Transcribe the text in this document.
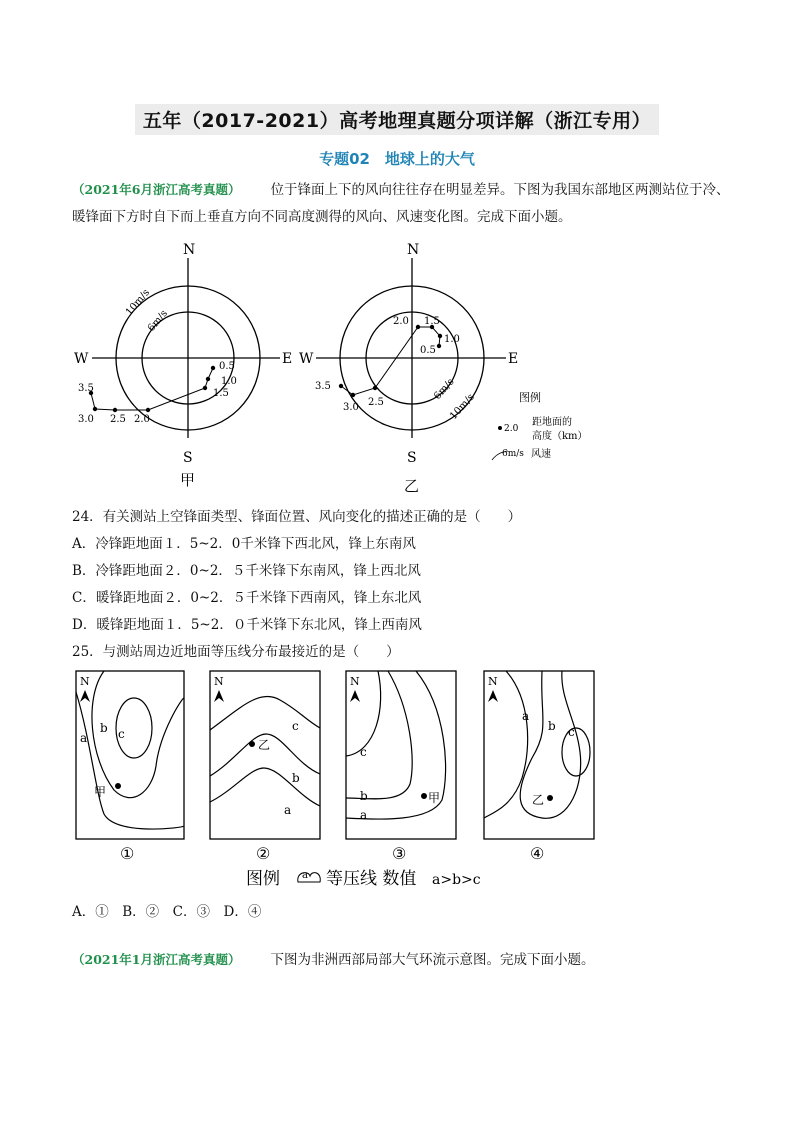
五年（2017-2021）高考地理真题分项详解（浙江专用）
专题02　地球上的大气
（2021年6月浙江高考真题） 位于锋面上下的风向往往存在明显差异。下图为我国东部地区两测站位于冷、暖锋面下方时自下而上垂直方向不同高度测得的风向、风速变化图。完成下面小题。
N
S
E
W
10m/s
6m/s
0.5
1.0
1.5
2.0
2.5
3.0
3.5
甲
N
S
E
W
10m/s
6m/s
0.5
1.0
1.5
2.0
2.5
3.0
3.5
乙
图例
2.0
距地面的
高度（km）
6m/s 风速
24．有关测站上空锋面类型、锋面位置、风向变化的描述正确的是（　　）
A．冷锋距地面１．5~2．0千米锋下西北风，锋上东南风
B．冷锋距地面２．0~2．５千米锋下东南风，锋上西北风
C．暖锋距地面２．0~2．５千米锋下西南风，锋上东北风
D．暖锋距地面１．5~2．０千米锋下东北风，锋上西南风
25．与测站周边近地面等压线分布最接近的是（　　）
N
a
b c
甲
①
N
乙
c
b
a
②
N
c
b
a
甲
③
N
a
b c
乙
④
图例 a 等压线 数值 a>b>c
A．①　B．②　C．③　D．④
（2021年1月浙江高考真题） 下图为非洲西部局部大气环流示意图。完成下面小题。
